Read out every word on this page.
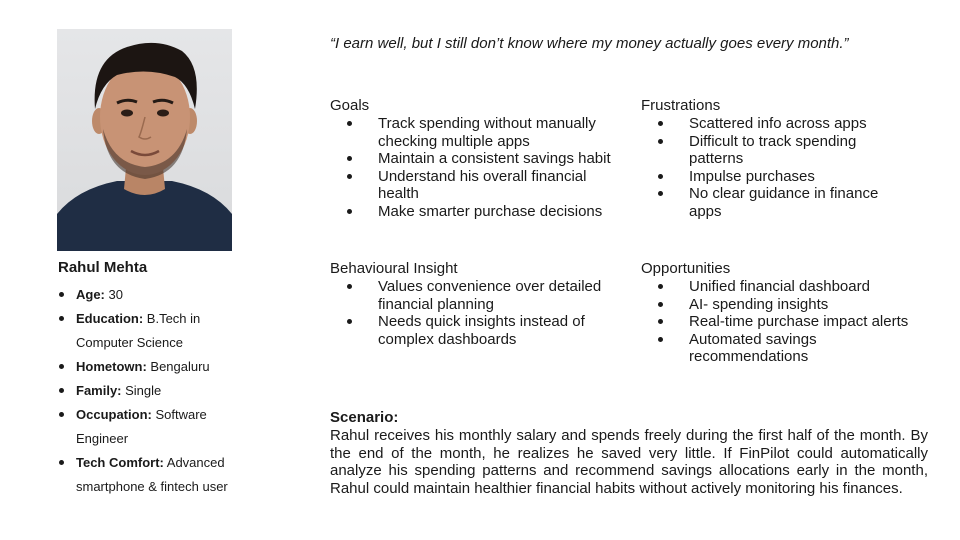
Rahul Mehta
Age: 30
Education: B.Tech in Computer Science
Hometown: Bengaluru
Family: Single
Occupation: Software Engineer
Tech Comfort: Advanced smartphone & fintech user
“I earn well, but I still don’t know where my money actually goes every month.”
Goals
Track spending without manually checking multiple apps
Maintain a consistent savings habit
Understand his overall financial health
Make smarter purchase decisions
Frustrations
Scattered info across apps
Difficult to track spending patterns
Impulse purchases
No clear guidance in finance apps
Behavioural Insight
Values convenience over detailed financial planning
Needs quick insights instead of complex dashboards
Opportunities
Unified financial dashboard
AI- spending insights
Real-time purchase impact alerts
Automated savings recommendations
Scenario:

Rahul receives his monthly salary and spends freely during the first half of the month. By the end of the month, he realizes he saved very little. If FinPilot could automatically analyze his spending patterns and recommend savings allocations early in the month, Rahul could maintain healthier financial habits without actively monitoring his finances.
